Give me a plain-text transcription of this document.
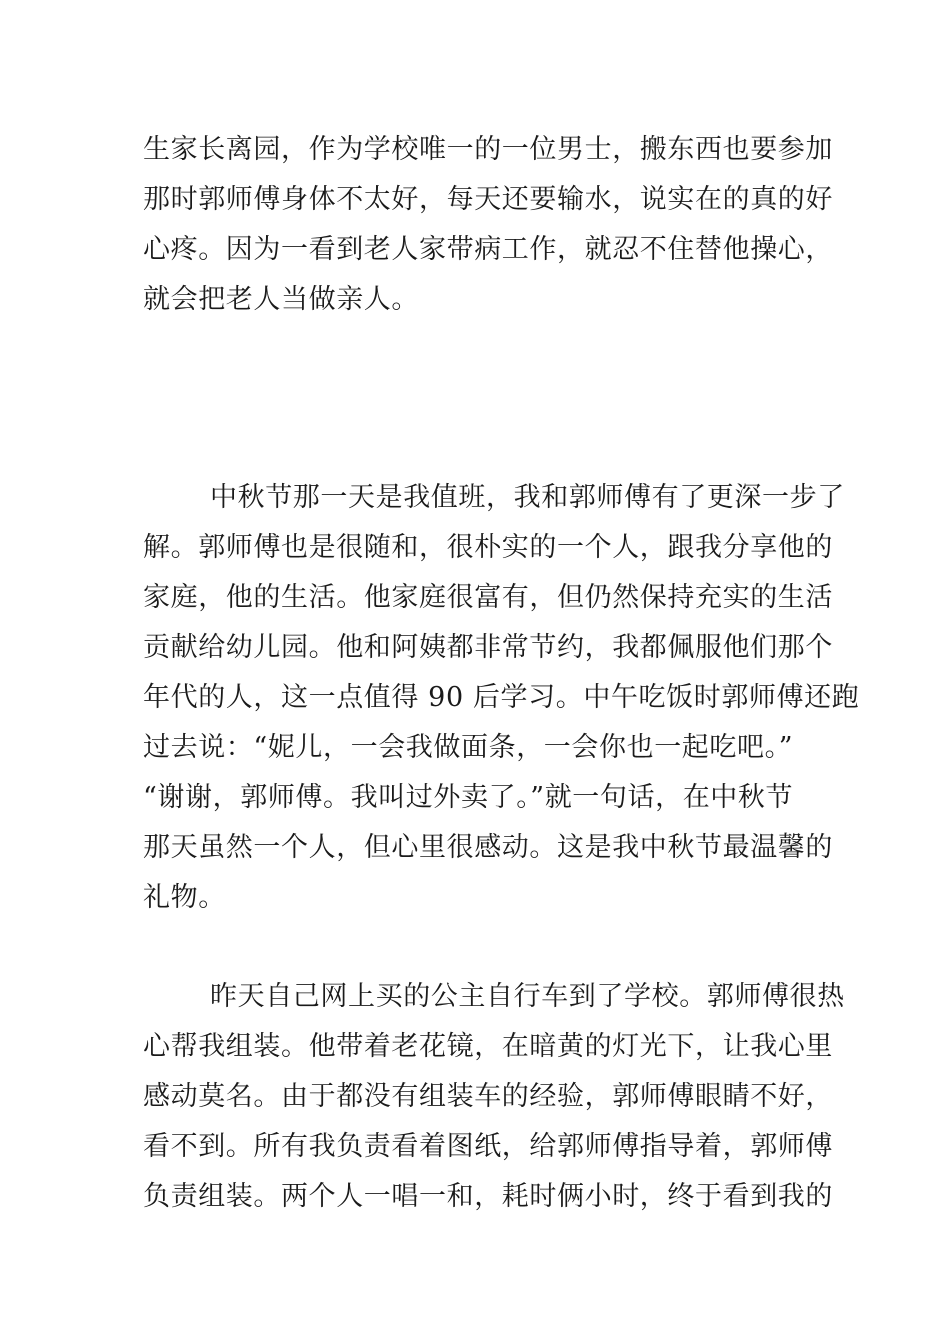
生家长离园，作为学校唯一的一位男士，搬东西也要参加

那时郭师傅身体不太好，每天还要输水，说实在的真的好

心疼。因为一看到老人家带病工作，就忍不住替他操心，

就会把老人当做亲人。

中秋节那一天是我值班，我和郭师傅有了更深一步了

解。郭师傅也是很随和，很朴实的一个人，跟我分享他的

家庭，他的生活。他家庭很富有，但仍然保持充实的生活

贡献给幼儿园。他和阿姨都非常节约，我都佩服他们那个

年代的人，这一点值得 90 后学习。中午吃饭时郭师傅还跑

过去说：“妮儿，一会我做面条，一会你也一起吃吧。”

“谢谢，郭师傅。我叫过外卖了。”就一句话，在中秋节

那天虽然一个人，但心里很感动。这是我中秋节最温馨的

礼物。

昨天自己网上买的公主自行车到了学校。郭师傅很热

心帮我组装。他带着老花镜，在暗黄的灯光下，让我心里

感动莫名。由于都没有组装车的经验，郭师傅眼睛不好，

看不到。所有我负责看着图纸，给郭师傅指导着，郭师傅

负责组装。两个人一唱一和，耗时俩小时，终于看到我的
